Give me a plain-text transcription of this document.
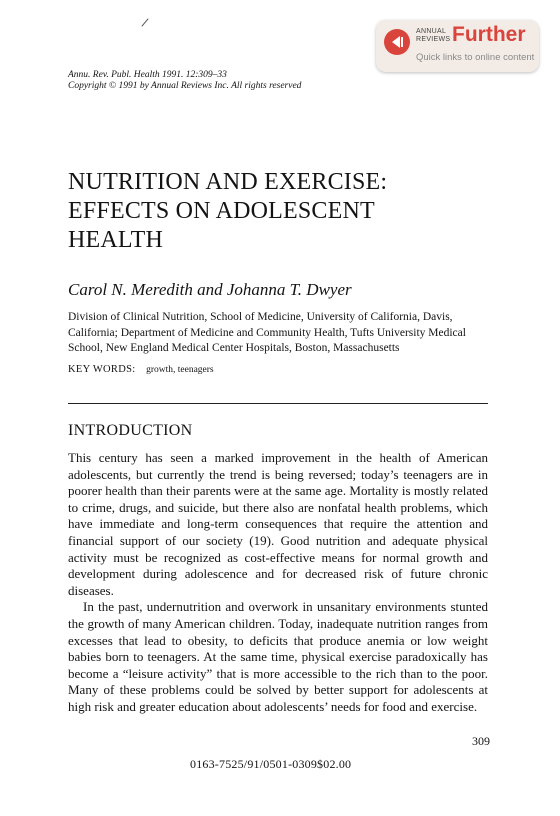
ANNUAL
REVIEWS Further
Quick links to online content
Annu. Rev. Publ. Health 1991. 12:309–33
Copyright © 1991 by Annual Reviews Inc. All rights reserved
NUTRITION AND EXERCISE:
EFFECTS ON ADOLESCENT
HEALTH
Carol N. Meredith and Johanna T. Dwyer
Division of Clinical Nutrition, School of Medicine, University of California, Davis, California; Department of Medicine and Community Health, Tufts University Medical School, New England Medical Center Hospitals, Boston, Massachusetts
KEY WORDS: growth, teenagers
INTRODUCTION

This century has seen a marked improvement in the health of American adolescents, but currently the trend is being reversed; today’s teenagers are in poorer health than their parents were at the same age. Mortality is mostly related to crime, drugs, and suicide, but there also are nonfatal health problems, which have immediate and long-term consequences that require the attention and financial support of our society (19). Good nutrition and adequate physical activity must be recognized as cost-effective means for normal growth and development during adolescence and for decreased risk of future chronic diseases.

In the past, undernutrition and overwork in unsanitary environments stunted the growth of many American children. Today, inadequate nutrition ranges from excesses that lead to obesity, to deficits that produce anemia or low weight babies born to teenagers. At the same time, physical exercise paradoxically has become a “leisure activity” that is more accessible to the rich than to the poor. Many of these problems could be solved by better support for adolescents at high risk and greater education about adolescents’ needs for food and exercise.

309
0163-7525/91/0501-0309$02.00
